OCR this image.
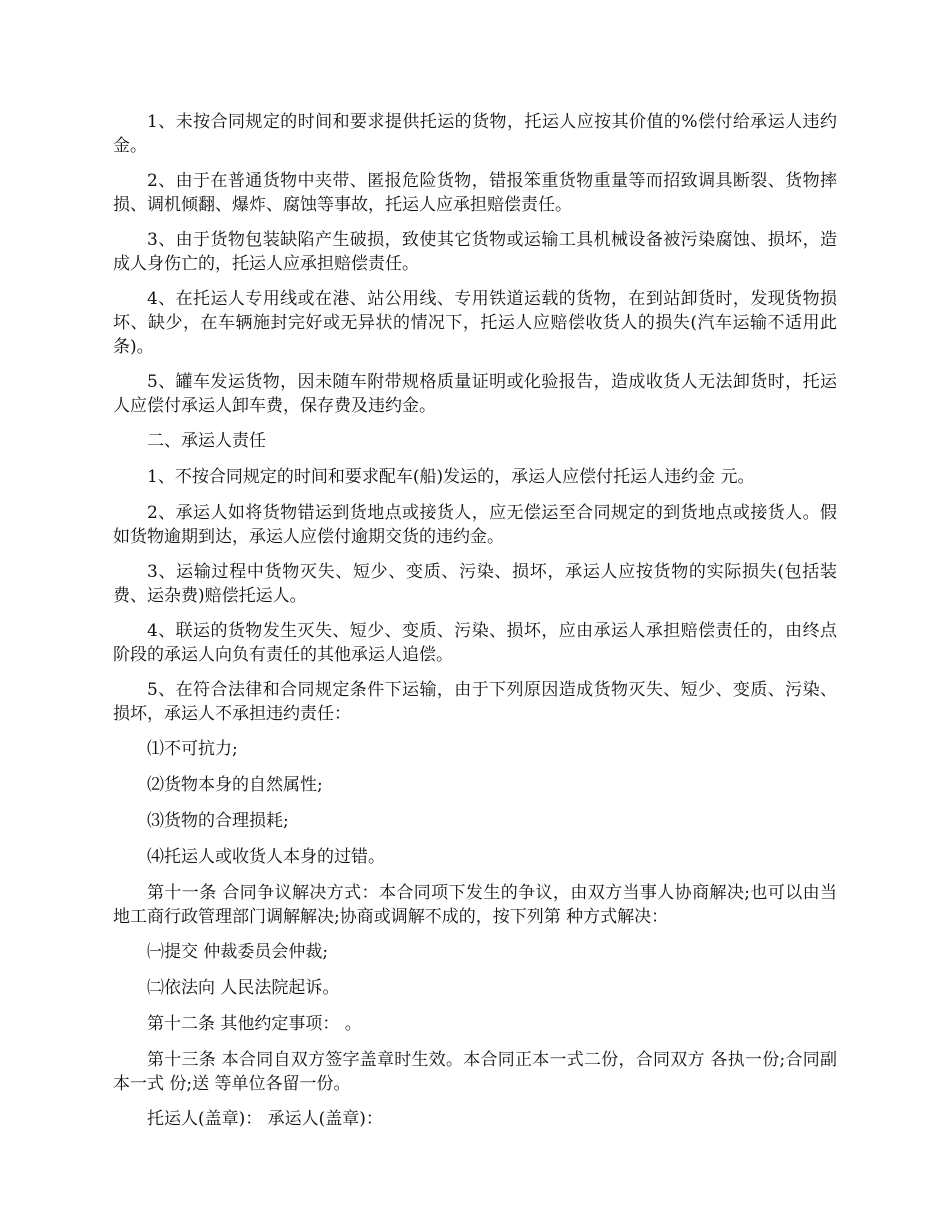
1、未按合同规定的时间和要求提供托运的货物，托运人应按其价值的%偿付给承运人违约金。

2、由于在普通货物中夹带、匿报危险货物，错报笨重货物重量等而招致调具断裂、货物摔损、调机倾翻、爆炸、腐蚀等事故，托运人应承担赔偿责任。

3、由于货物包装缺陷产生破损，致使其它货物或运输工具机械设备被污染腐蚀、损坏，造成人身伤亡的，托运人应承担赔偿责任。

4、在托运人专用线或在港、站公用线、专用铁道运载的货物，在到站卸货时，发现货物损坏、缺少，在车辆施封完好或无异状的情况下，托运人应赔偿收货人的损失(汽车运输不适用此条)。

5、罐车发运货物，因未随车附带规格质量证明或化验报告，造成收货人无法卸货时，托运人应偿付承运人卸车费，保存费及违约金。

二、承运人责任

1、不按合同规定的时间和要求配车(船)发运的，承运人应偿付托运人违约金 元。

2、承运人如将货物错运到货地点或接货人，应无偿运至合同规定的到货地点或接货人。假如货物逾期到达，承运人应偿付逾期交货的违约金。

3、运输过程中货物灭失、短少、变质、污染、损坏，承运人应按货物的实际损失(包括装费、运杂费)赔偿托运人。

4、联运的货物发生灭失、短少、变质、污染、损坏，应由承运人承担赔偿责任的，由终点阶段的承运人向负有责任的其他承运人追偿。

5、在符合法律和合同规定条件下运输，由于下列原因造成货物灭失、短少、变质、污染、损坏，承运人不承担违约责任：

⑴不可抗力;

⑵货物本身的自然属性;

⑶货物的合理损耗;

⑷托运人或收货人本身的过错。

第十一条 合同争议解决方式：本合同项下发生的争议，由双方当事人协商解决;也可以由当地工商行政管理部门调解解决;协商或调解不成的，按下列第 种方式解决：

㈠提交 仲裁委员会仲裁;

㈡依法向 人民法院起诉。

第十二条 其他约定事项： 。

第十三条 本合同自双方签字盖章时生效。本合同正本一式二份，合同双方 各执一份;合同副本一式 份;送 等单位各留一份。

托运人(盖章)： 承运人(盖章)：
